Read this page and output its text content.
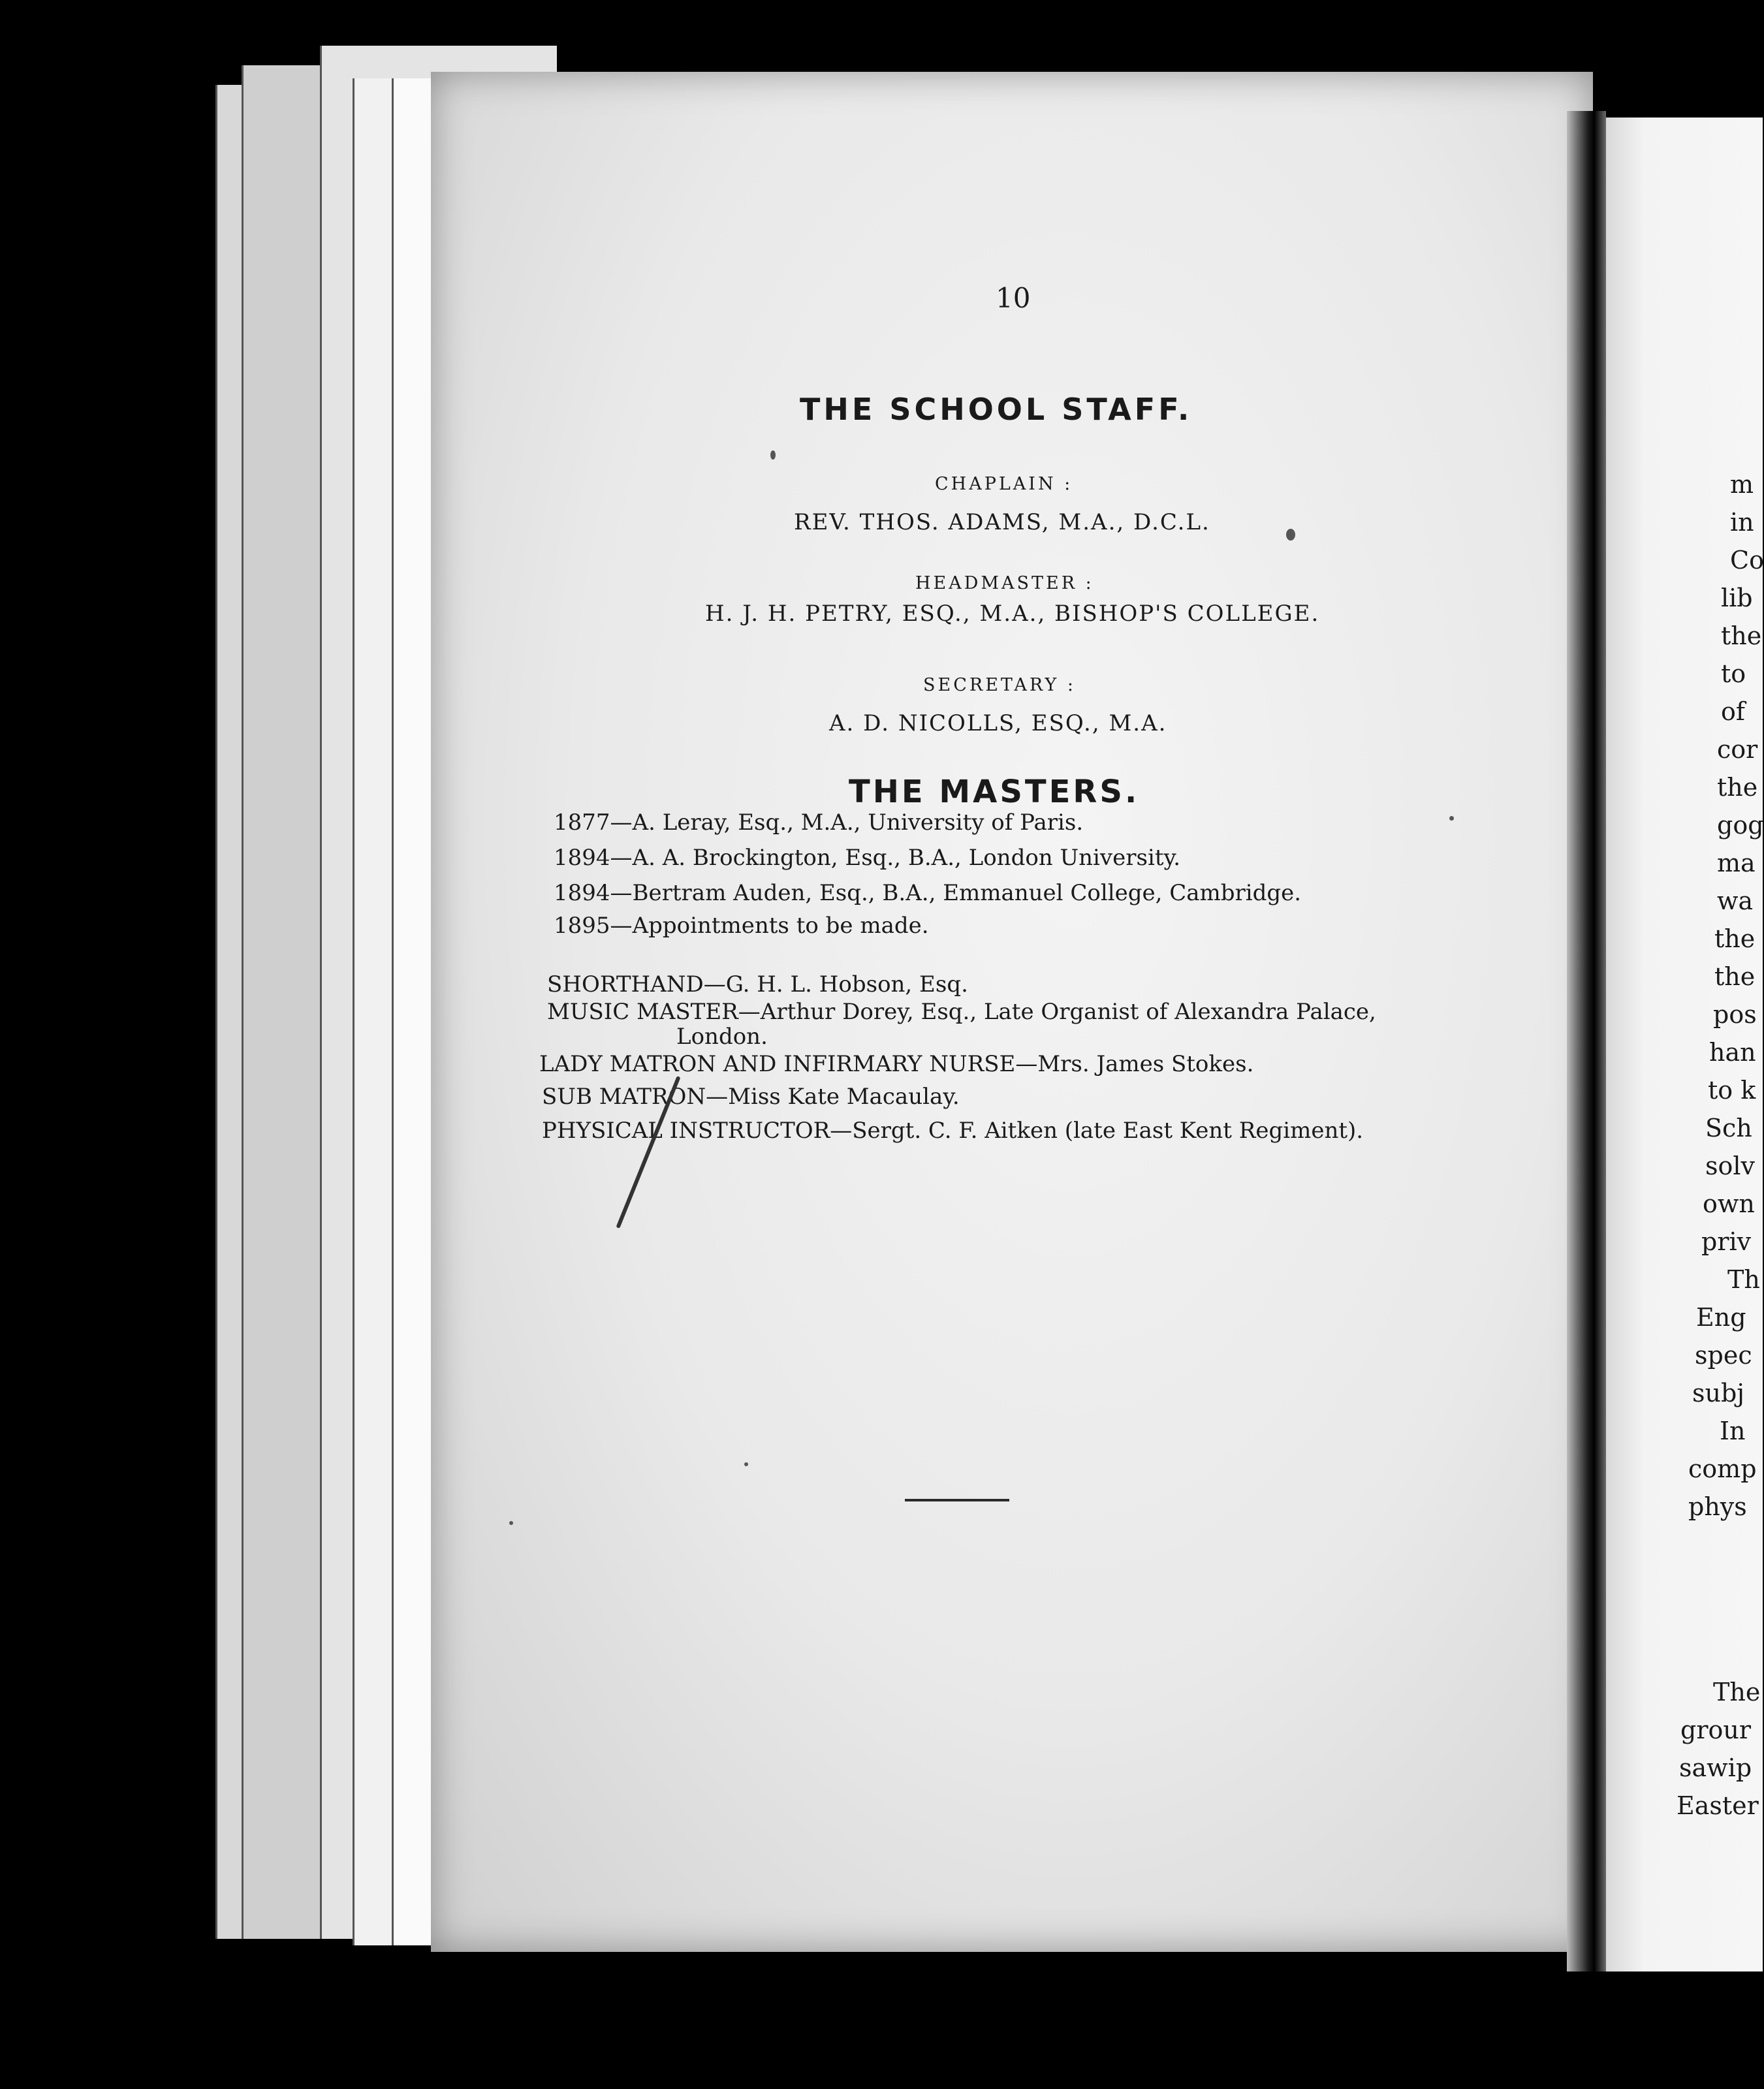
10
THE SCHOOL STAFF.
CHAPLAIN :
REV. THOS. ADAMS, M.A., D.C.L.
HEADMASTER :
H. J. H. PETRY, ESQ., M.A., BISHOP'S COLLEGE.
SECRETARY :
A. D. NICOLLS, ESQ., M.A.
THE MASTERS.
1877—A. Leray, Esq., M.A., University of Paris.
1894—A. A. Brockington, Esq., B.A., London University.
1894—Bertram Auden, Esq., B.A., Emmanuel College, Cambridge.
1895—Appointments to be made.
SHORTHAND—G. H. L. Hobson, Esq.
MUSIC MASTER—Arthur Dorey, Esq., Late Organist of Alexandra Palace,
London.
LADY MATRON AND INFIRMARY NURSE—Mrs. James Stokes.
SUB MATRON—Miss Kate Macaulay.
PHYSICAL INSTRUCTOR—Sergt. C. F. Aitken (late East Kent Regiment).
m
in
Co
lib
the
to
of
cor
the
gog
ma
wa
the
the
pos
han
to k
Sch
solv
own
priv
Th
Eng
spec
subj
In
comp
phys
The
grour
sawip
Easter
